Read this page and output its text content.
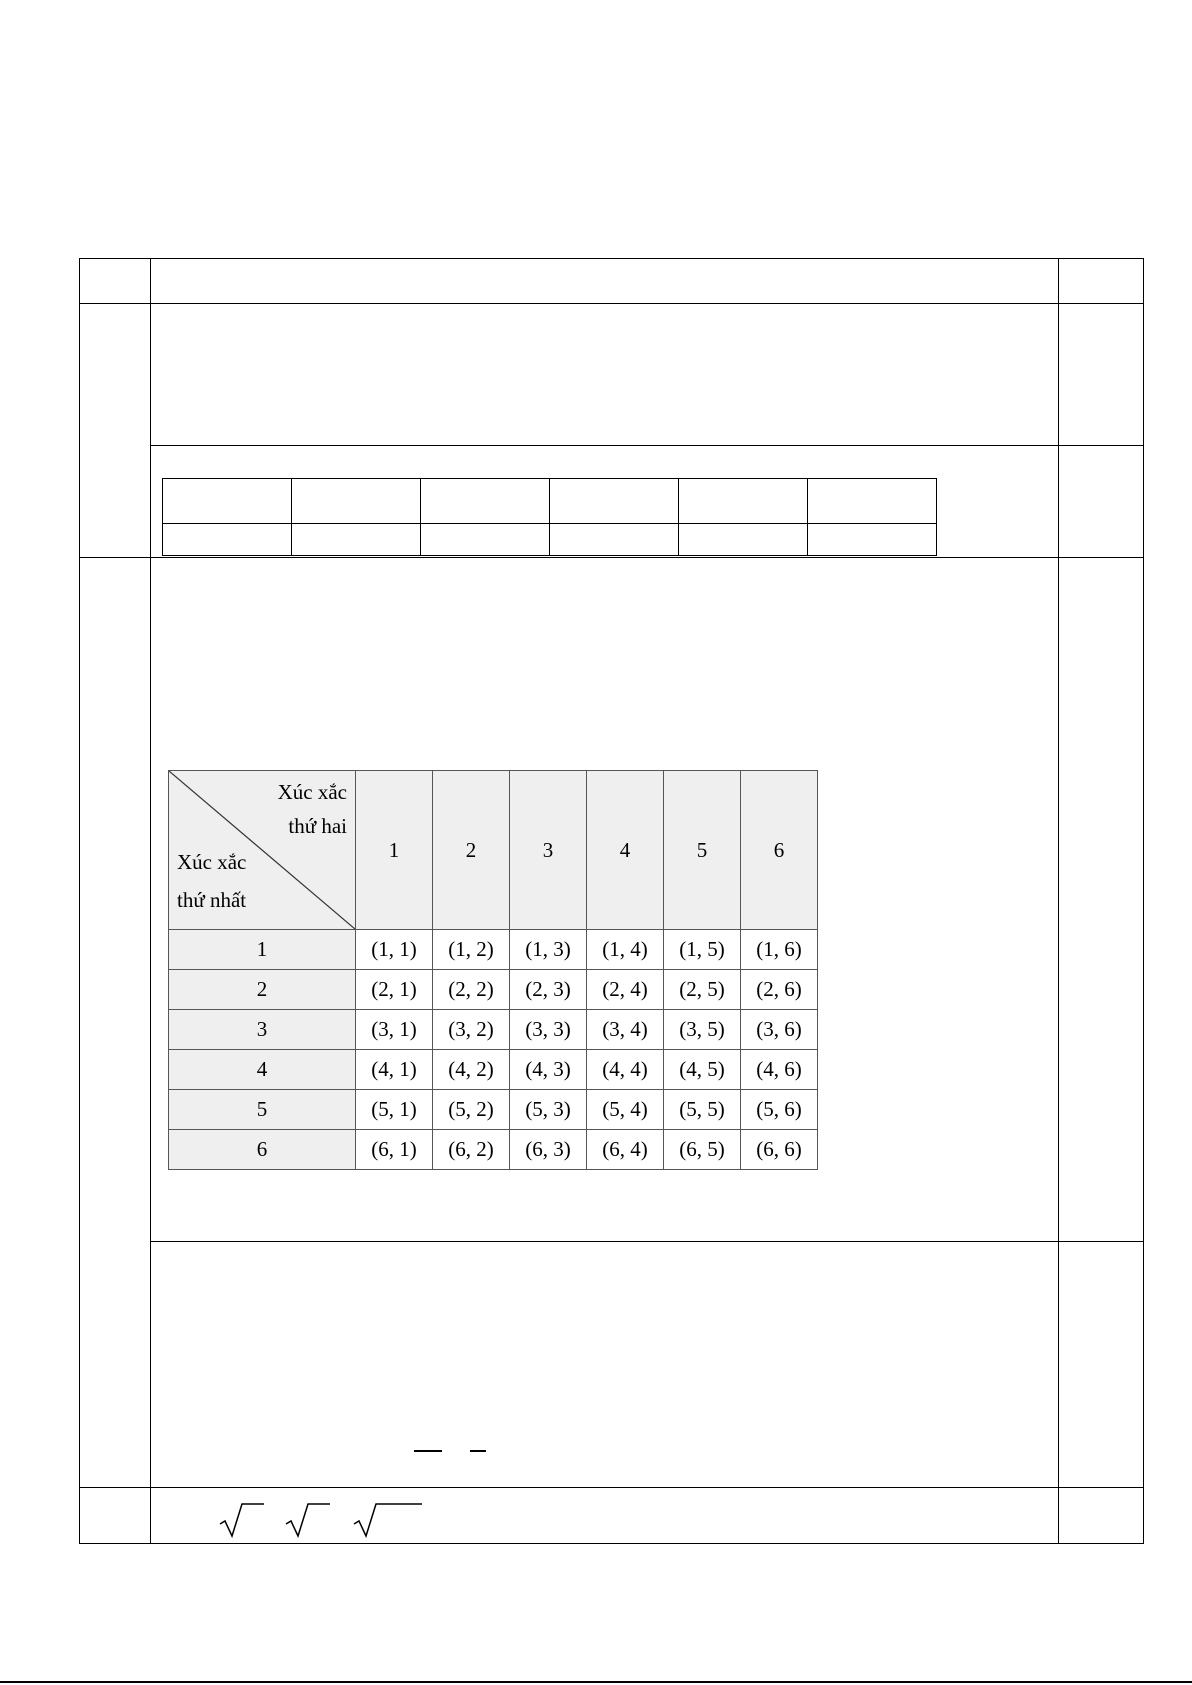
Xúc xắc
thứ hai
Xúc xắc
thứ nhất	1	2	3	4	5	6
1	(1, 1)	(1, 2)	(1, 3)	(1, 4)	(1, 5)	(1, 6)
2	(2, 1)	(2, 2)	(2, 3)	(2, 4)	(2, 5)	(2, 6)
3	(3, 1)	(3, 2)	(3, 3)	(3, 4)	(3, 5)	(3, 6)
4	(4, 1)	(4, 2)	(4, 3)	(4, 4)	(4, 5)	(4, 6)
5	(5, 1)	(5, 2)	(5, 3)	(5, 4)	(5, 5)	(5, 6)
6	(6, 1)	(6, 2)	(6, 3)	(6, 4)	(6, 5)	(6, 6)
